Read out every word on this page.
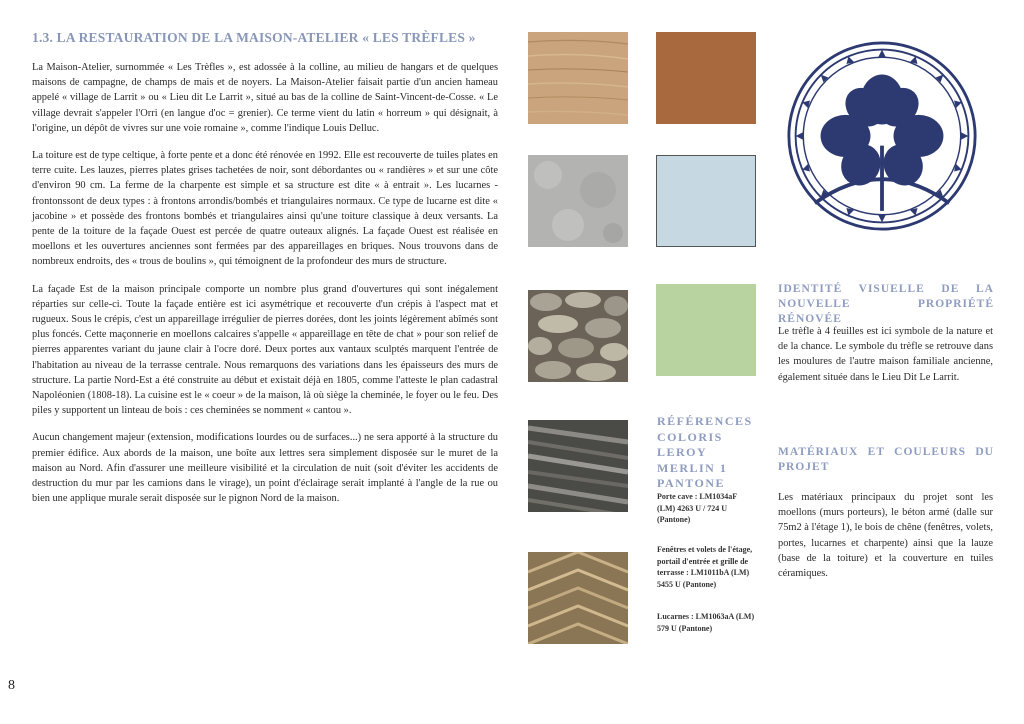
1.3. LA RESTAURATION DE LA MAISON-ATELIER « LES TRÈFLES »

La Maison-Atelier, surnommée « Les Trèfles », est adossée à la colline, au milieu de hangars et de quelques maisons de campagne, de champs de mais et de noyers. La Maison-Atelier faisait partie d'un ancien hameau appelé « village de Larrit » ou « Lieu dit Le Larrit », situé au bas de la colline de Saint-Vincent-de-Cosse. « Le village devrait s'appeler l'Orri (en langue d'oc = grenier). Ce terme vient du latin « horreum » qui désignait, à l'origine, un dépôt de vivres sur une voie romaine », comme l'indique Louis Delluc.

La toiture est de type celtique, à forte pente et a donc été rénovée en 1992. Elle est recouverte de tuiles plates en terre cuite. Les lauzes, pierres plates grises tachetées de noir, sont débordantes ou « randières » et sur une côte d'environ 90 cm. La ferme de la charpente est simple et sa structure est dite « à entrait ». Les lucarnes -frontonssont de deux types : à frontons arrondis/bombés et triangulaires normaux. Ce type de lucarne est dite « jacobine » et possède des frontons bombés et triangulaires ainsi qu'une toiture classique à deux versants. La pente de la toiture de la façade Ouest est percée de quatre outeaux alignés. La façade Ouest est réalisée en moellons et les ouvertures anciennes sont fermées par des appareillages en briques. Nous trouvons dans de nombreux endroits, des « trous de boulins », qui témoignent de la profondeur des murs de structure.

La façade Est de la maison principale comporte un nombre plus grand d'ouvertures qui sont inégalement réparties sur celle-ci. Toute la façade entière est ici asymétrique et recouverte d'un crépis à l'aspect mat et rugueux. Sous le crépis, c'est un appareillage irrégulier de pierres dorées, dont les joints légèrement abîmés sont plus foncés. Cette maçonnerie en moellons calcaires s'appelle « appareillage en tête de chat » pour son relief de pierres apparentes variant du jaune clair à l'ocre doré. Deux portes aux vantaux sculptés marquent l'entrée de l'habitation au niveau de la terrasse centrale. Nous remarquons des variations dans les épaisseurs des murs de structure. La partie Nord-Est a été construite au début et existait déjà en 1805, comme l'atteste le plan cadastral Napoléonien (1808-18). La cuisine est le « coeur » de la maison, là où siège la cheminée, le foyer ou le feu. Des piles y supportent un linteau de bois : ces cheminées se nomment « cantou ».

Aucun changement majeur (extension, modifications lourdes ou de surfaces...) ne sera apporté à la structure du premier édifice. Aux abords de la maison, une boîte aux lettres sera simplement disposée sur le muret de la maison au Nord. Afin d'assurer une meilleure visibilité et la circulation de nuit (soit d'éviter les accidents de destruction du mur par les camions dans le virage), un point d'éclairage serait implanté à l'angle de la rue ou bien une applique murale serait disposée sur le pignon Nord de la maison.

RÉFÉRENCES COLORIS LEROY MERLIN 1 PANTONE
Porte cave : LM1034aF (LM) 4263 U / 724 U (Pantone)
Fenêtres et volets de l'étage, portail d'entrée et grille de terrasse : LM1011bA (LM) 5455 U (Pantone)
Lucarnes : LM1063aA (LM) 579 U (Pantone)
IDENTITÉ VISUELLE DE LA NOUVELLE PROPRIÉTÉ RÉNOVÉE
Le trèfle à 4 feuilles est ici symbole de la nature et de la chance. Le symbole du trèfle se retrouve dans les moulures de l'autre maison familiale ancienne, également située dans le Lieu Dit Le Larrit.
MATÉRIAUX ET COULEURS DU PROJET
Les matériaux principaux du projet sont les moellons (murs porteurs), le béton armé (dalle sur 75m2 à l'étage 1), le bois de chêne (fenêtres, volets, portes, lucarnes et charpente) ainsi que la lauze (base de la toiture) et la couverture en tuiles céramiques.
8
